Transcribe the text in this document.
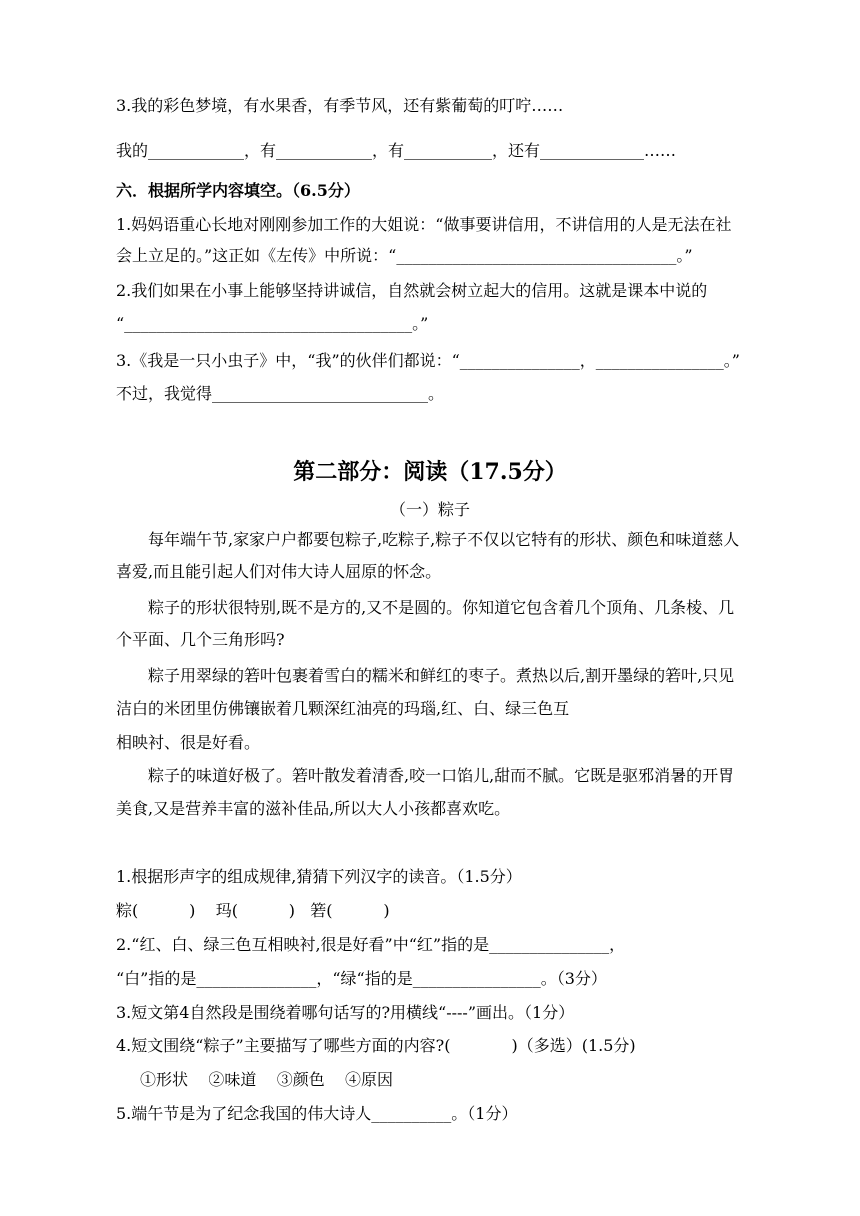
3.我的彩色梦境，有水果香，有季节风，还有紫葡萄的叮咛……
我的____________，有____________，有___________，还有_____________……
六．根据所学内容填空。（6.5分）
1.妈妈语重心长地对刚刚参加工作的大姐说：“做事要讲信用，不讲信用的人是无法在社
会上立足的。”这正如《左传》中所说：“___________________________________。”
2.我们如果在小事上能够坚持讲诚信，自然就会树立起大的信用。这就是课本中说的
“____________________________________。”
3.《我是一只小虫子》中，“我”的伙伴们都说：“_______________，________________。”
不过，我觉得___________________________。
第二部分：阅读（17.5分）
（一）粽子
每年端午节,家家户户都要包粽子,吃粽子,粽子不仅以它特有的形状、颜色和味道慈人
喜爱,而且能引起人们对伟大诗人屈原的怀念。
粽子的形状很特别,既不是方的,又不是圆的。你知道它包含着几个顶角、几条棱、几
个平面、几个三角形吗?
粽子用翠绿的箬叶包裹着雪白的糯米和鲜红的枣子。煮热以后,割开墨绿的箬叶,只见
洁白的米团里仿佛镶嵌着几颗深红油亮的玛瑙,红、白、绿三色互
相映衬、很是好看。
粽子的味道好极了。箬叶散发着清香,咬一口馅儿,甜而不腻。它既是驱邪消暑的开胃
美食,又是营养丰富的滋补佳品,所以大人小孩都喜欢吃。
1.根据形声字的组成规律,猜猜下列汉字的读音。（1.5分）
粽(          )    玛(          )   箬(          )
2.“红、白、绿三色互相映衬,很是好看”中“红”指的是_______________，
“白”指的是_______________，“绿“指的是________________。（3分）
3.短文第4自然段是围绕着哪句话写的?用横线“----”画出。（1分）
4.短文围绕“粽子”主要描写了哪些方面的内容?(            )（多选）(1.5分)
①形状    ②味道    ③颜色    ④原因
5.端午节是为了纪念我国的伟大诗人__________。（1分）
